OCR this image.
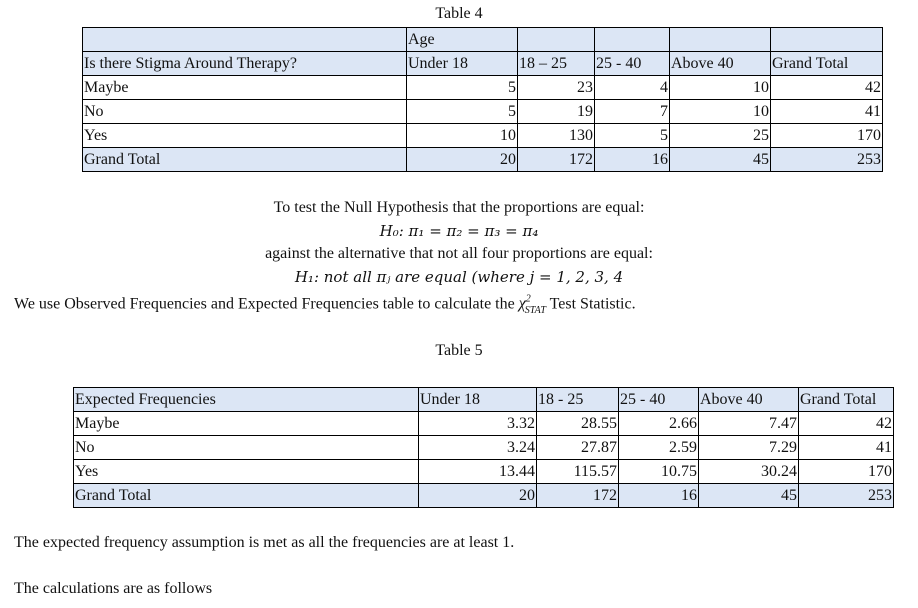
Table 4
	Age				
Is there Stigma Around Therapy?	Under 18	18 – 25	25 - 40	Above 40	Grand Total
Maybe	5	23	4	10	42
No	5	19	7	10	41
Yes	10	130	5	25	170
Grand Total	20	172	16	45	253
To test the Null Hypothesis that the proportions are equal:
H₀: π₁ = π₂ = π₃ = π₄
against the alternative that not all four proportions are equal:
H₁: not all πⱼ are equal (where j = 1, 2, 3, 4
We use Observed Frequencies and Expected Frequencies table to calculate the $\chi^2_{STAT}$ Test Statistic.
Table 5
Expected Frequencies	Under 18	18 - 25	25 - 40	Above 40	Grand Total
Maybe	3.32	28.55	2.66	7.47	42
No	3.24	27.87	2.59	7.29	41
Yes	13.44	115.57	10.75	30.24	170
Grand Total	20	172	16	45	253
The expected frequency assumption is met as all the frequencies are at least 1.
The calculations are as follows
